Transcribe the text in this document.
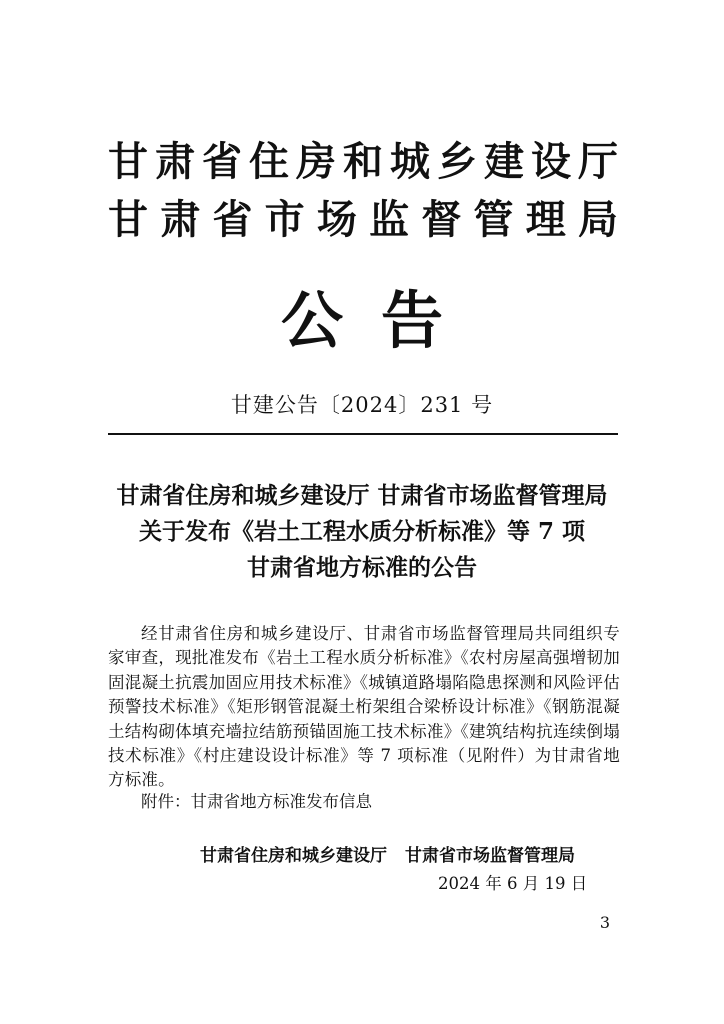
甘 肃 省 住 房 和 城 乡 建 设 厅
甘 肃 省 市 场 监 督 管 理 局
公告
甘建公告〔2024〕231 号
甘肃省住房和城乡建设厅 甘肃省市场监督管理局
关于发布《岩土工程水质分析标准》等 7 项
甘肃省地方标准的公告
经甘肃省住房和城乡建设厅、甘肃省市场监督管理局共同组织专家审查，现批准发布《岩土工程水质分析标准》《农村房屋高强增韧加固混凝土抗震加固应用技术标准》《城镇道路塌陷隐患探测和风险评估预警技术标准》《矩形钢管混凝土桁架组合梁桥设计标准》《钢筋混凝土结构砌体填充墙拉结筋预锚固施工技术标准》《建筑结构抗连续倒塌技术标准》《村庄建设设计标准》等 7 项标准（见附件）为甘肃省地方标准。
附件：甘肃省地方标准发布信息
甘肃省住房和城乡建设厅 甘肃省市场监督管理局
2024 年 6 月 19 日
3
